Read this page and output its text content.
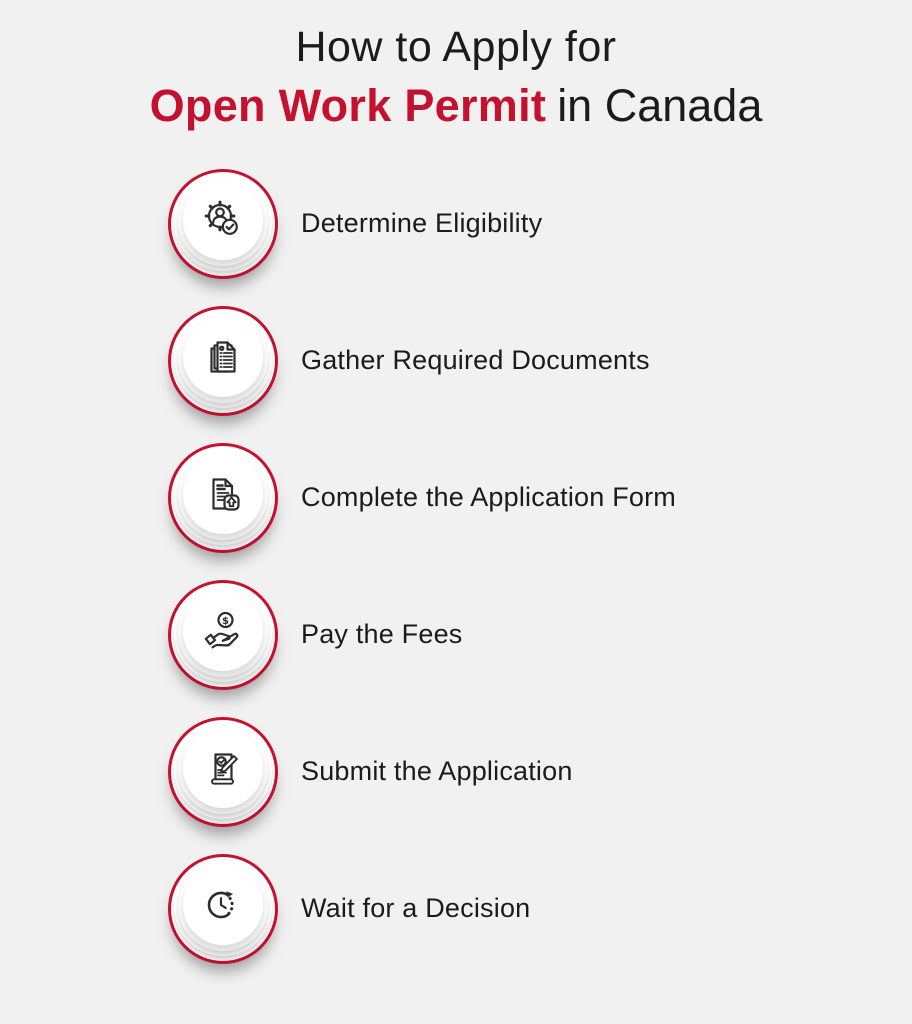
How to Apply for
Open Work Permit in Canada
Determine Eligibility
Gather Required Documents
Complete the Application Form
$	Pay the Fees
Submit the Application
Wait for a Decision
